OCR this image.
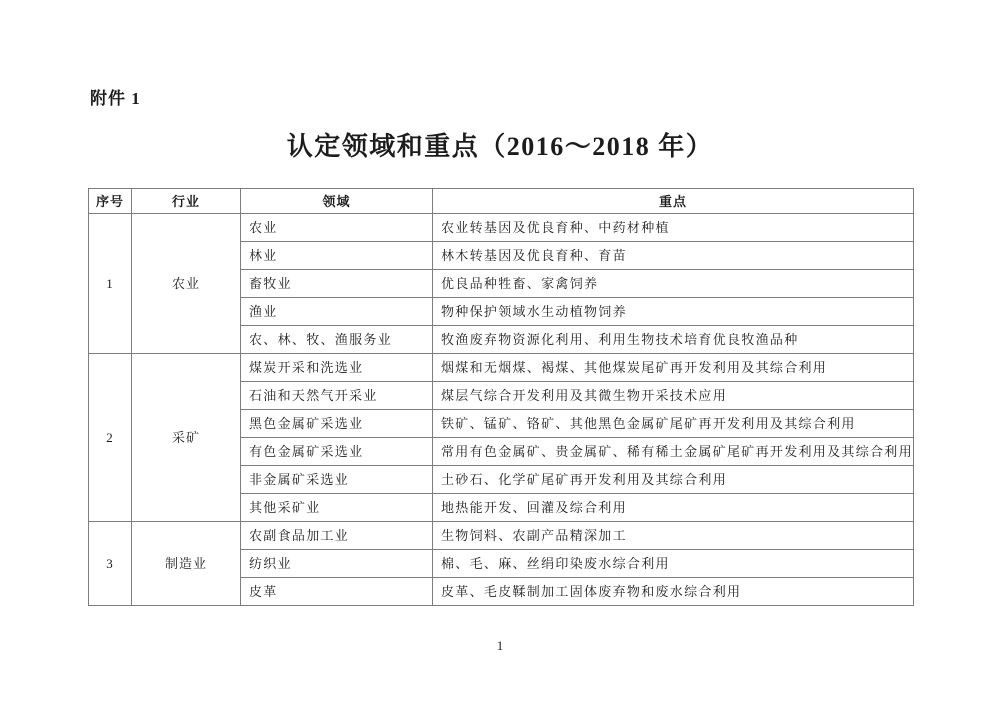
附件 1
认定领域和重点（2016～2018 年）
序号	行业	领域	重点
1	农业	农业	农业转基因及优良育种、中药材种植
		林业	林木转基因及优良育种、育苗
		畜牧业	优良品种牲畜、家禽饲养
		渔业	物种保护领域水生动植物饲养
		农、林、牧、渔服务业	牧渔废弃物资源化利用、利用生物技术培育优良牧渔品种
2	采矿	煤炭开采和洗选业	烟煤和无烟煤、褐煤、其他煤炭尾矿再开发利用及其综合利用
		石油和天然气开采业	煤层气综合开发利用及其微生物开采技术应用
		黑色金属矿采选业	铁矿、锰矿、铬矿、其他黑色金属矿尾矿再开发利用及其综合利用
		有色金属矿采选业	常用有色金属矿、贵金属矿、稀有稀土金属矿尾矿再开发利用及其综合利用
		非金属矿采选业	土砂石、化学矿尾矿再开发利用及其综合利用
		其他采矿业	地热能开发、回灌及综合利用
3	制造业	农副食品加工业	生物饲料、农副产品精深加工
		纺织业	棉、毛、麻、丝绢印染废水综合利用
		皮革	皮革、毛皮鞣制加工固体废弃物和废水综合利用
1
